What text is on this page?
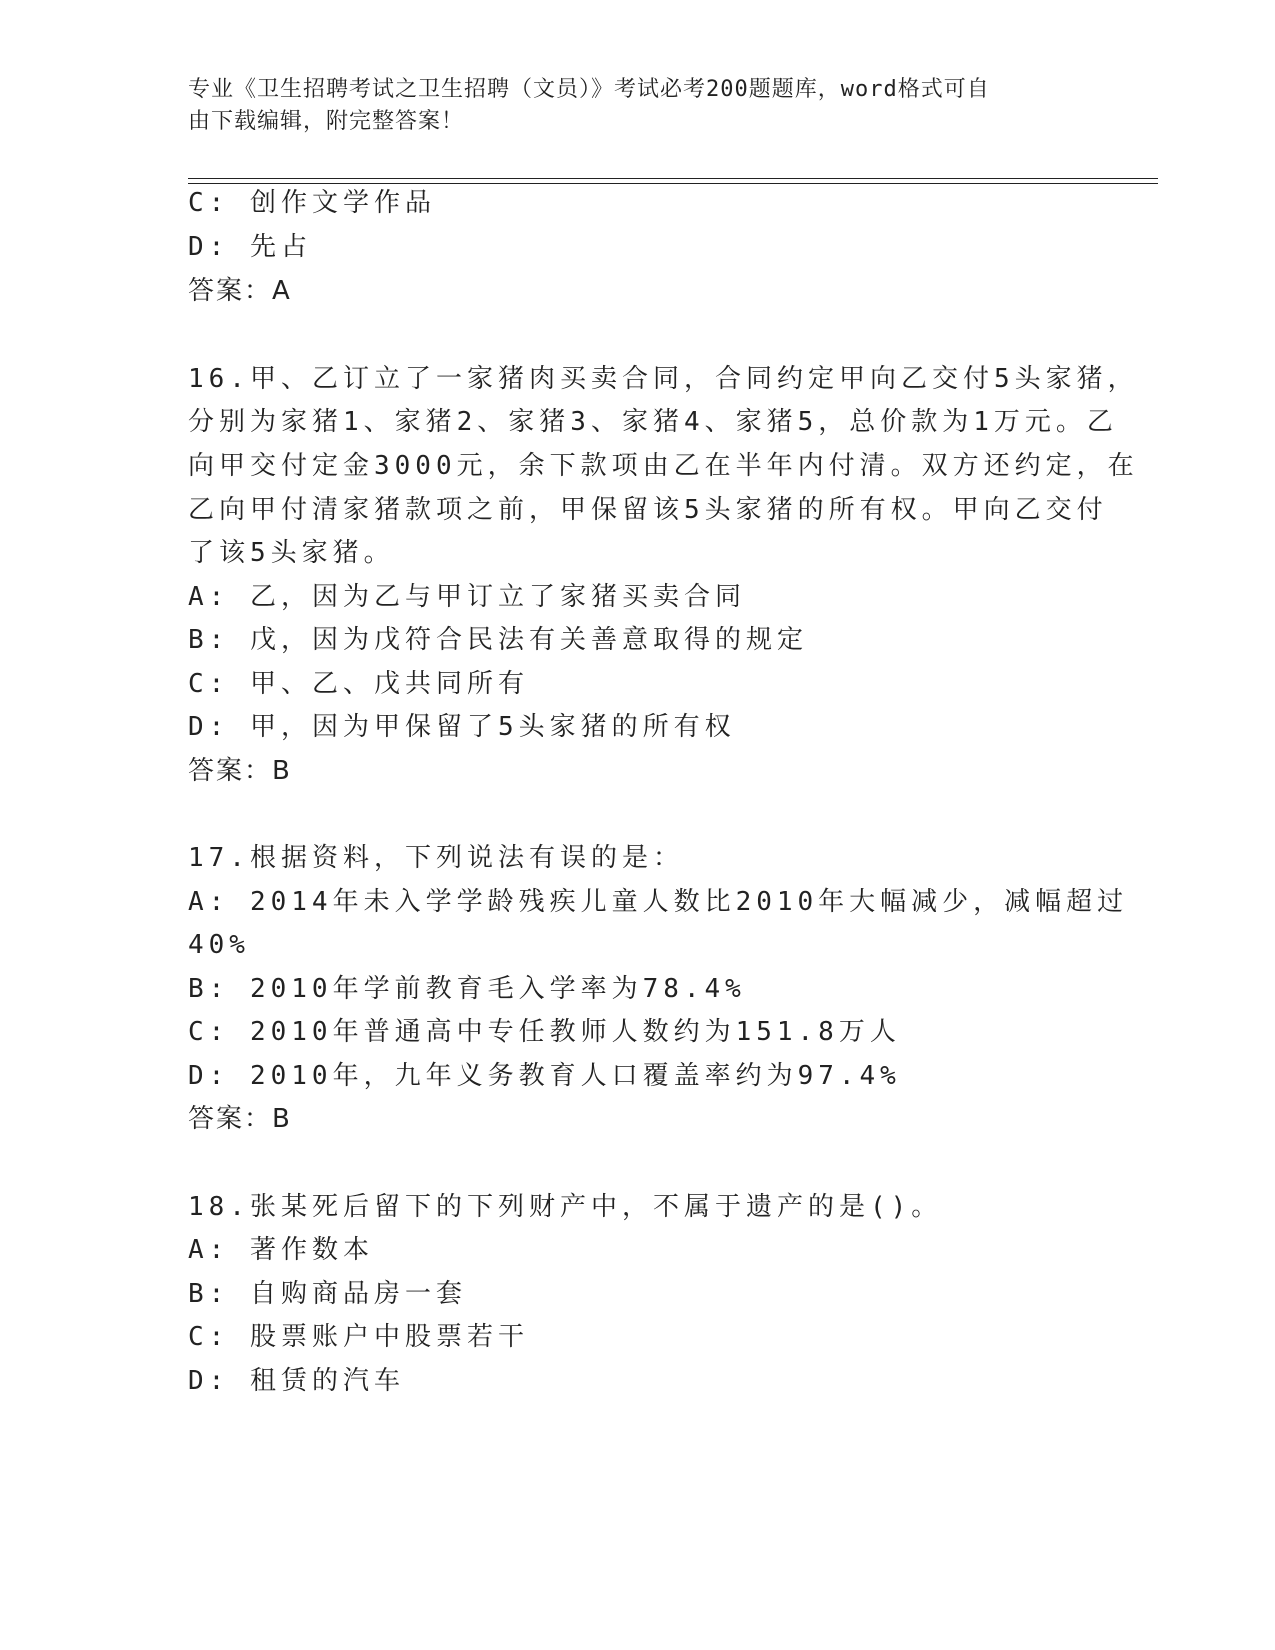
专业《卫生招聘考试之卫生招聘（文员）》考试必考200题题库，word格式可自
由下载编辑，附完整答案！
C: 创作文学作品
D: 先占
答案：A
16.甲、乙订立了一家猪肉买卖合同，合同约定甲向乙交付5头家猪，
分别为家猪1、家猪2、家猪3、家猪4、家猪5，总价款为1万元。乙
向甲交付定金3000元，余下款项由乙在半年内付清。双方还约定，在
乙向甲付清家猪款项之前，甲保留该5头家猪的所有权。甲向乙交付
了该5头家猪。
A: 乙，因为乙与甲订立了家猪买卖合同
B: 戊，因为戊符合民法有关善意取得的规定
C: 甲、乙、戊共同所有
D: 甲，因为甲保留了5头家猪的所有权
答案：B
17.根据资料，下列说法有误的是：
A: 2014年未入学学龄残疾儿童人数比2010年大幅减少，减幅超过
40%
B: 2010年学前教育毛入学率为78.4%
C: 2010年普通高中专任教师人数约为151.8万人
D: 2010年，九年义务教育人口覆盖率约为97.4%
答案：B
18.张某死后留下的下列财产中，不属于遗产的是()。
A: 著作数本
B: 自购商品房一套
C: 股票账户中股票若干
D: 租赁的汽车
